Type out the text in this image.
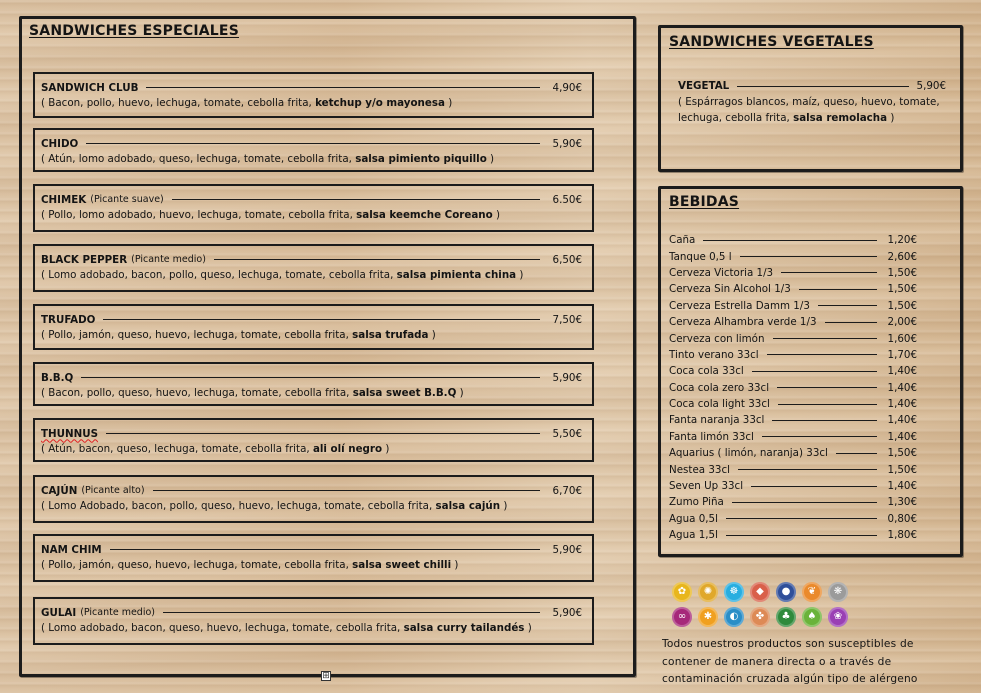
SANDWICHES ESPECIALES
SANDWICH CLUB	4,90€
( Bacon, pollo, huevo, lechuga, tomate, cebolla frita, ketchup y/o mayonesa )
CHIDO	5,90€
( Atún, lomo adobado, queso, lechuga, tomate, cebolla frita, salsa pimiento piquillo )
CHIMEK (Picante suave)	6.50€
( Pollo, lomo adobado, huevo, lechuga, tomate, cebolla frita, salsa keemche Coreano )
BLACK PEPPER (Picante medio)	6,50€
( Lomo adobado, bacon, pollo, queso, lechuga, tomate, cebolla frita, salsa pimienta china )
TRUFADO	7,50€
( Pollo, jamón, queso, huevo, lechuga, tomate, cebolla frita, salsa trufada )
B.B.Q	5,90€
( Bacon, pollo, queso, huevo, lechuga, tomate, cebolla frita, salsa sweet B.B.Q )
THUNNUS	5,50€
( Atún, bacon, queso, lechuga, tomate, cebolla frita, ali olí negro )
CAJÚN (Picante alto)	6,70€
( Lomo Adobado, bacon, pollo, queso, huevo, lechuga, tomate, cebolla frita, salsa cajún )
NAM CHIM	5,90€
( Pollo, jamón, queso, huevo, lechuga, tomate, cebolla frita, salsa sweet chilli )
GULAI (Picante medio)	5,90€
( Lomo adobado, bacon, queso, huevo, lechuga, tomate, cebolla frita, salsa curry tailandés )
SANDWICHES VEGETALES
VEGETAL	5,90€
( Espárragos blancos, maíz, queso, huevo, tomate,
lechuga, cebolla frita, salsa remolacha )
BEBIDAS
Caña	1,20€
Tanque 0,5 l	2,60€
Cerveza Victoria 1/3	1,50€
Cerveza Sin Alcohol 1/3	1,50€
Cerveza Estrella Damm 1/3	1,50€
Cerveza Alhambra verde 1/3	2,00€
Cerveza con limón	1,60€
Tinto verano 33cl	1,70€
Coca cola 33cl	1,40€
Coca cola zero 33cl	1,40€
Coca cola light 33cl	1,40€
Fanta naranja 33cl	1,40€
Fanta limón 33cl	1,40€
Aquarius ( limón, naranja) 33cl	1,50€
Nestea 33cl	1,50€
Seven Up 33cl	1,40€
Zumo Piña	1,30€
Agua 0,5l	0,80€
Agua 1,5l	1,80€
✿	✺	☸	◆	●	❦	❋
∞	✱	◐	✤	♣	♠	❀
Todos nuestros productos son susceptibles de
contener de manera directa o a través de
contaminación cruzada algún tipo de alérgeno
⊞
